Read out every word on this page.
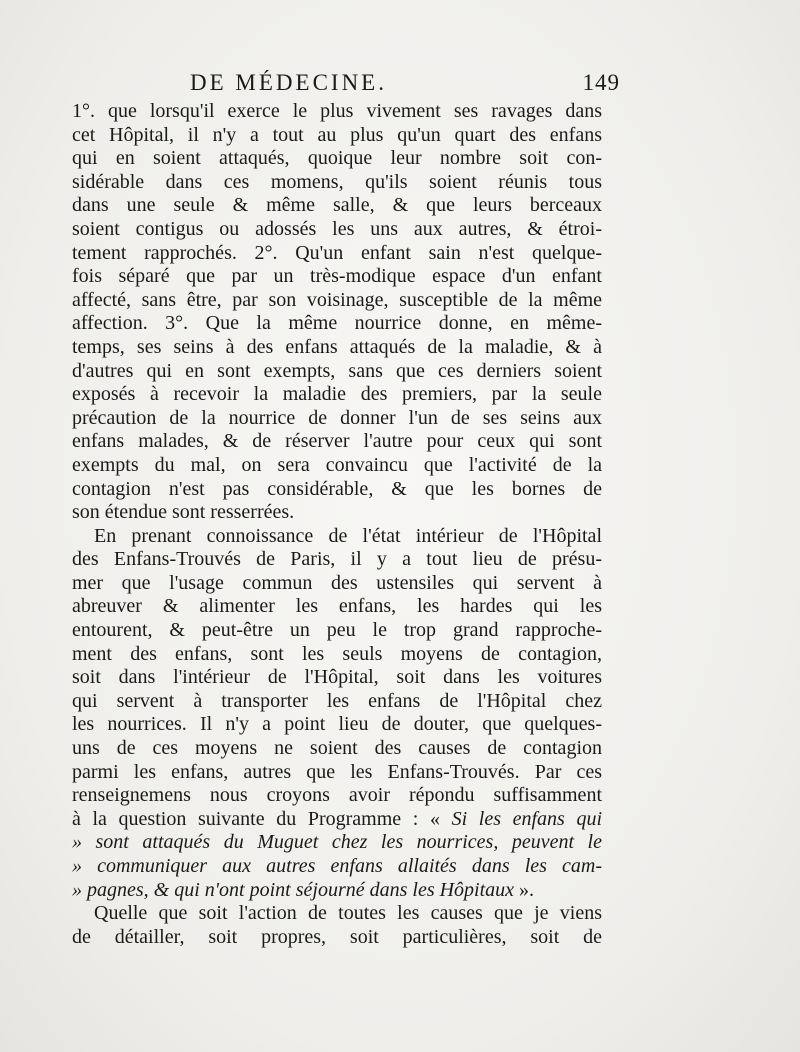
DE MÉDECINE.	149

1°. que lorsqu'il exerce le plus vivement ses ravages dans
cet Hôpital, il n'y a tout au plus qu'un quart des enfans
qui en soient attaqués, quoique leur nombre soit con-
sidérable dans ces momens, qu'ils soient réunis tous
dans une seule & même salle, & que leurs berceaux
soient contigus ou adossés les uns aux autres, & étroi-
tement rapprochés. 2°. Qu'un enfant sain n'est quelque-
fois séparé que par un très-modique espace d'un enfant
affecté, sans être, par son voisinage, susceptible de la même
affection. 3°. Que la même nourrice donne, en même-
temps, ses seins à des enfans attaqués de la maladie, & à
d'autres qui en sont exempts, sans que ces derniers soient
exposés à recevoir la maladie des premiers, par la seule
précaution de la nourrice de donner l'un de ses seins aux
enfans malades, & de réserver l'autre pour ceux qui sont
exempts du mal, on sera convaincu que l'activité de la
contagion n'est pas considérable, & que les bornes de
son étendue sont resserrées.

En prenant connoissance de l'état intérieur de l'Hôpital
des Enfans-Trouvés de Paris, il y a tout lieu de présu-
mer que l'usage commun des ustensiles qui servent à
abreuver & alimenter les enfans, les hardes qui les
entourent, & peut-être un peu le trop grand rapproche-
ment des enfans, sont les seuls moyens de contagion,
soit dans l'intérieur de l'Hôpital, soit dans les voitures
qui servent à transporter les enfans de l'Hôpital chez
les nourrices. Il n'y a point lieu de douter, que quelques-
uns de ces moyens ne soient des causes de contagion
parmi les enfans, autres que les Enfans-Trouvés. Par ces
renseignemens nous croyons avoir répondu suffisamment
à la question suivante du Programme : « Si les enfans qui
» sont attaqués du Muguet chez les nourrices, peuvent le
» communiquer aux autres enfans allaités dans les cam-
» pagnes, & qui n'ont point séjourné dans les Hôpitaux ».

Quelle que soit l'action de toutes les causes que je viens
de détailler, soit propres, soit particulières, soit de
